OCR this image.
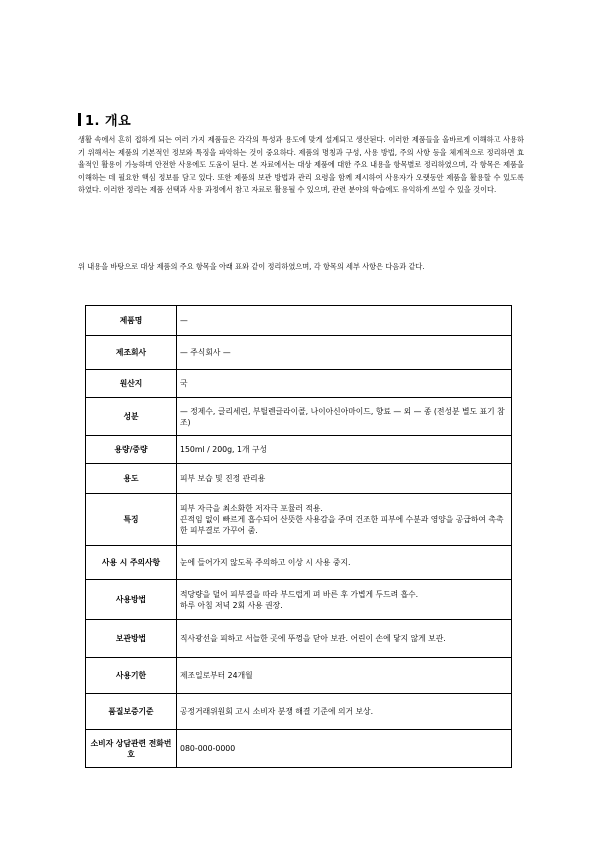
1. 개요

생활 속에서 흔히 접하게 되는 여러 가지 제품들은 각각의 특성과 용도에 맞게 설계되고 생산된다. 이러한 제품들을 올바르게 이해하고 사용하기 위해서는 제품의 기본적인 정보와 특징을 파악하는 것이 중요하다. 제품의 명칭과 구성, 사용 방법, 주의 사항 등을 체계적으로 정리하면 효율적인 활용이 가능하며 안전한 사용에도 도움이 된다. 본 자료에서는 대상 제품에 대한 주요 내용을 항목별로 정리하였으며, 각 항목은 제품을 이해하는 데 필요한 핵심 정보를 담고 있다. 또한 제품의 보관 방법과 관리 요령을 함께 제시하여 사용자가 오랫동안 제품을 활용할 수 있도록 하였다. 이러한 정리는 제품 선택과 사용 과정에서 참고 자료로 활용될 수 있으며, 관련 분야의 학습에도 유익하게 쓰일 수 있을 것이다.

위 내용을 바탕으로 대상 제품의 주요 항목을 아래 표와 같이 정리하였으며, 각 항목의 세부 사항은 다음과 같다.

제품명	—

제조회사	— 주식회사 —

원산지	국

성분	— 정제수, 글리세린, 부틸렌글라이콜, 나이아신아마이드, 향료 — 외 — 종 (전성분 별도 표기 참조)

용량/중량	150ml / 200g, 1개 구성

용도	피부 보습 및 진정 관리용

특징	피부 자극을 최소화한 저자극 포뮬러 적용.
끈적임 없이 빠르게 흡수되어 산뜻한 사용감을 주며 건조한 피부에 수분과 영양을 공급하여 촉촉한 피부결로 가꾸어 줌.

사용 시 주의사항	눈에 들어가지 않도록 주의하고 이상 시 사용 중지.

사용방법	적당량을 덜어 피부결을 따라 부드럽게 펴 바른 후 가볍게 두드려 흡수.
하루 아침 저녁 2회 사용 권장.

보관방법	직사광선을 피하고 서늘한 곳에 뚜껑을 닫아 보관. 어린이 손에 닿지 않게 보관.

사용기한	제조일로부터 24개월

품질보증기준	공정거래위원회 고시 소비자 분쟁 해결 기준에 의거 보상.

소비자 상담관련 전화번호	080-000-0000
